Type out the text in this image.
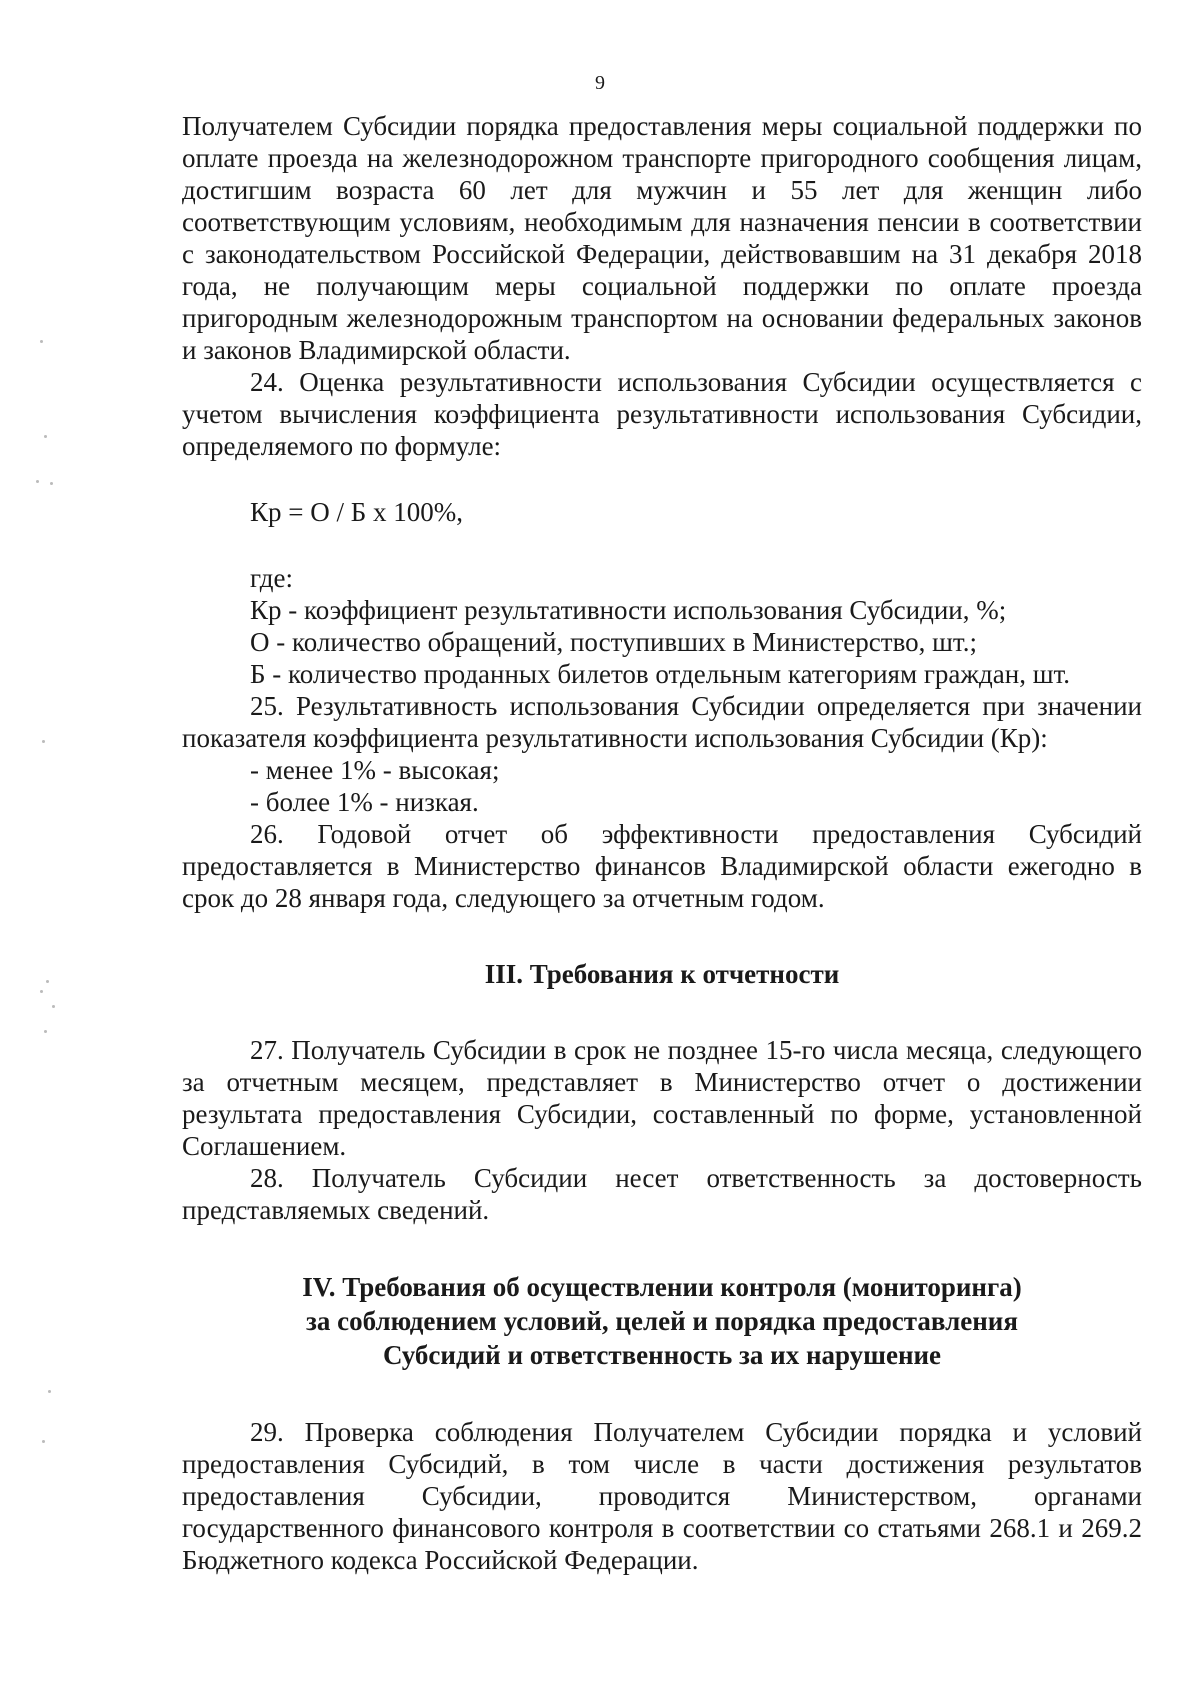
9

Получателем Субсидии порядка предоставления меры социальной поддержки по оплате проезда на железнодорожном транспорте пригородного сообщения лицам, достигшим возраста 60 лет для мужчин и 55 лет для женщин либо соответствующим условиям, необходимым для назначения пенсии в соответствии с законодательством Российской Федерации, действовавшим на 31 декабря 2018 года, не получающим меры социальной поддержки по оплате проезда пригородным железнодорожным транспортом на основании федеральных законов и законов Владимирской области.

24. Оценка результативности использования Субсидии осуществляется с учетом вычисления коэффициента результативности использования Субсидии, определяемого по формуле:

Кр = О / Б х 100%,

где:

Кр - коэффициент результативности использования Субсидии, %;

О - количество обращений, поступивших в Министерство, шт.;

Б - количество проданных билетов отдельным категориям граждан, шт.

25. Результативность использования Субсидии определяется при значении показателя коэффициента результативности использования Субсидии (Кр):

- менее 1% - высокая;

- более 1% - низкая.

26. Годовой отчет об эффективности предоставления Субсидий предоставляется в Министерство финансов Владимирской области ежегодно в срок до 28 января года, следующего за отчетным годом.

III. Требования к отчетности

27. Получатель Субсидии в срок не позднее 15-го числа месяца, следующего за отчетным месяцем, представляет в Министерство отчет о достижении результата предоставления Субсидии, составленный по форме, установленной Соглашением.

28. Получатель Субсидии несет ответственность за достоверность представляемых сведений.

IV. Требования об осуществлении контроля (мониторинга)
за соблюдением условий, целей и порядка предоставления
Субсидий и ответственность за их нарушение

29. Проверка соблюдения Получателем Субсидии порядка и условий предоставления Субсидий, в том числе в части достижения результатов предоставления Субсидии, проводится Министерством, органами государственного финансового контроля в соответствии со статьями 268.1 и 269.2 Бюджетного кодекса Российской Федерации.
